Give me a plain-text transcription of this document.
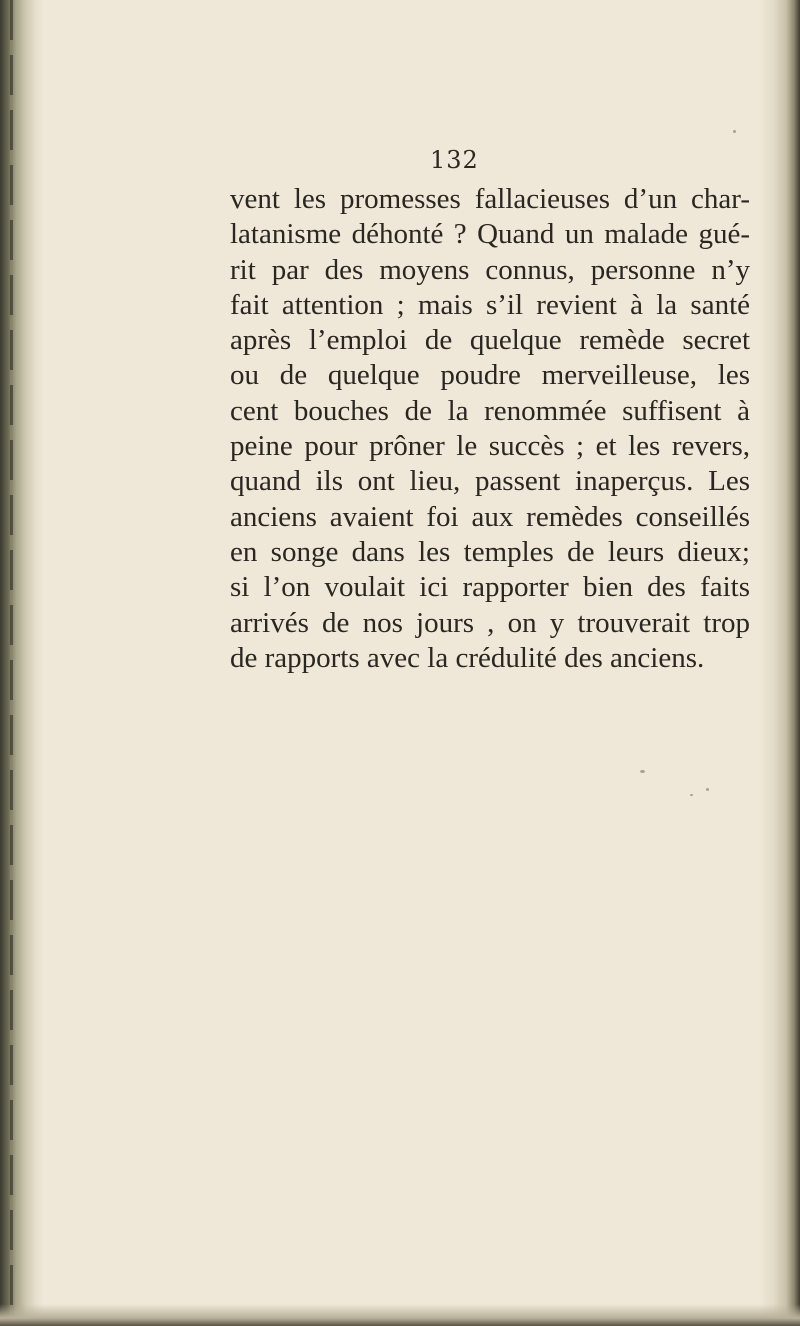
132
vent les promesses fallacieuses d’un char-
latanisme déhonté ? Quand un malade gué-
rit par des moyens connus, personne n’y
fait attention ; mais s’il revient à la santé
après l’emploi de quelque remède secret
ou de quelque poudre merveilleuse, les
cent bouches de la renommée suffisent à
peine pour prôner le succès ; et les revers,
quand ils ont lieu, passent inaperçus. Les
anciens avaient foi aux remèdes conseillés
en songe dans les temples de leurs dieux;
si l’on voulait ici rapporter bien des faits
arrivés de nos jours , on y trouverait trop
de rapports avec la crédulité des anciens.
